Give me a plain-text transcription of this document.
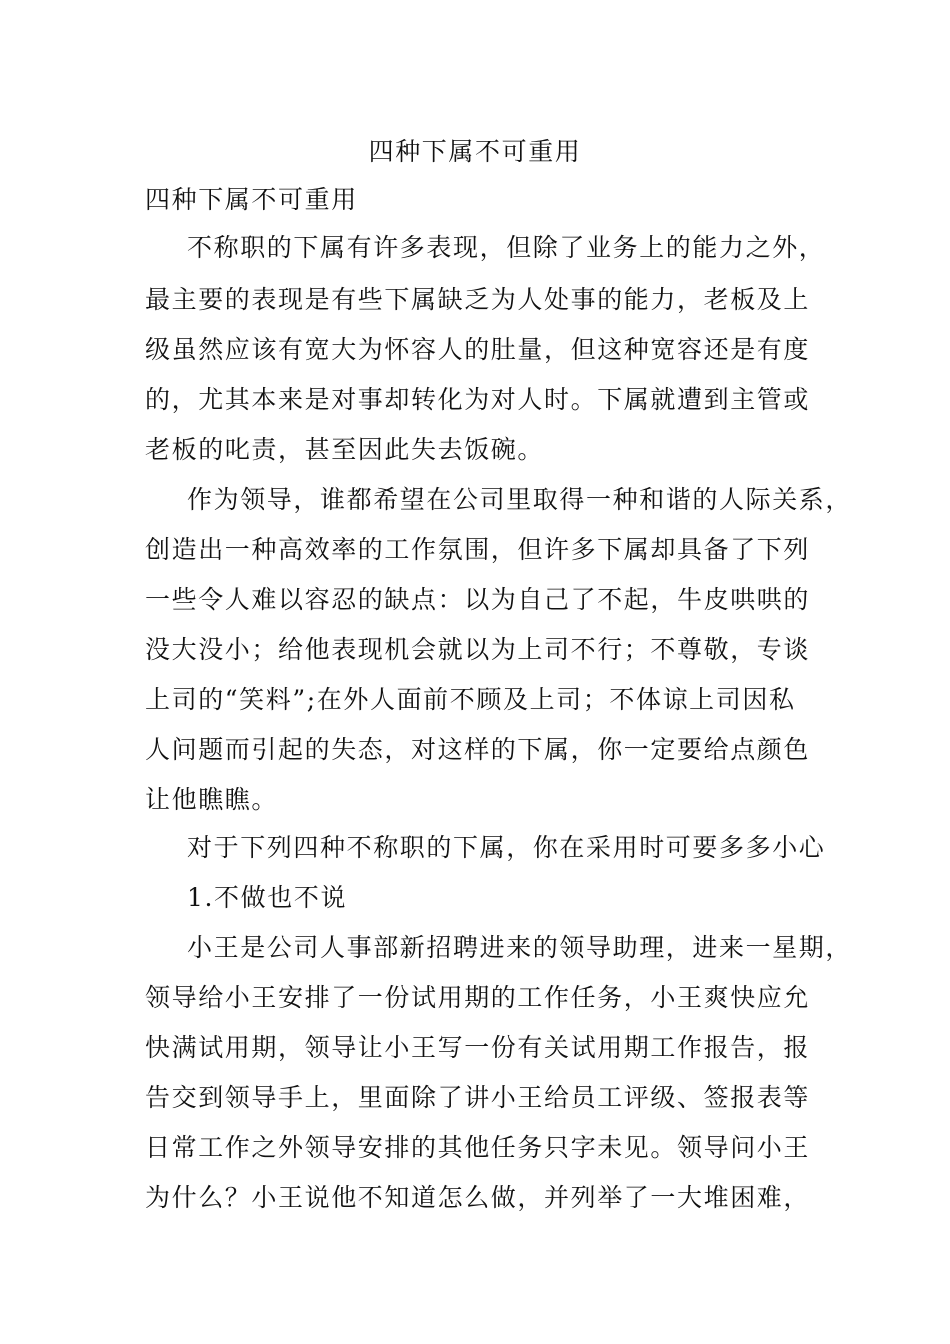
四种下属不可重用
四种下属不可重用
不称职的下属有许多表现，但除了业务上的能力之外，
最主要的表现是有些下属缺乏为人处事的能力，老板及上
级虽然应该有宽大为怀容人的肚量，但这种宽容还是有度
的，尤其本来是对事却转化为对人时。下属就遭到主管或
老板的叱责，甚至因此失去饭碗。
作为领导，谁都希望在公司里取得一种和谐的人际关系，
创造出一种高效率的工作氛围，但许多下属却具备了下列
一些令人难以容忍的缺点：以为自己了不起，牛皮哄哄的
没大没小；给他表现机会就以为上司不行；不尊敬，专谈
上司的“笑料”;在外人面前不顾及上司；不体谅上司因私
人问题而引起的失态，对这样的下属，你一定要给点颜色
让他瞧瞧。
对于下列四种不称职的下属，你在采用时可要多多小心
1.不做也不说
小王是公司人事部新招聘进来的领导助理，进来一星期，
领导给小王安排了一份试用期的工作任务，小王爽快应允
快满试用期，领导让小王写一份有关试用期工作报告，报
告交到领导手上，里面除了讲小王给员工评级、签报表等
日常工作之外领导安排的其他任务只字未见。领导问小王
为什么？小王说他不知道怎么做，并列举了一大堆困难，
